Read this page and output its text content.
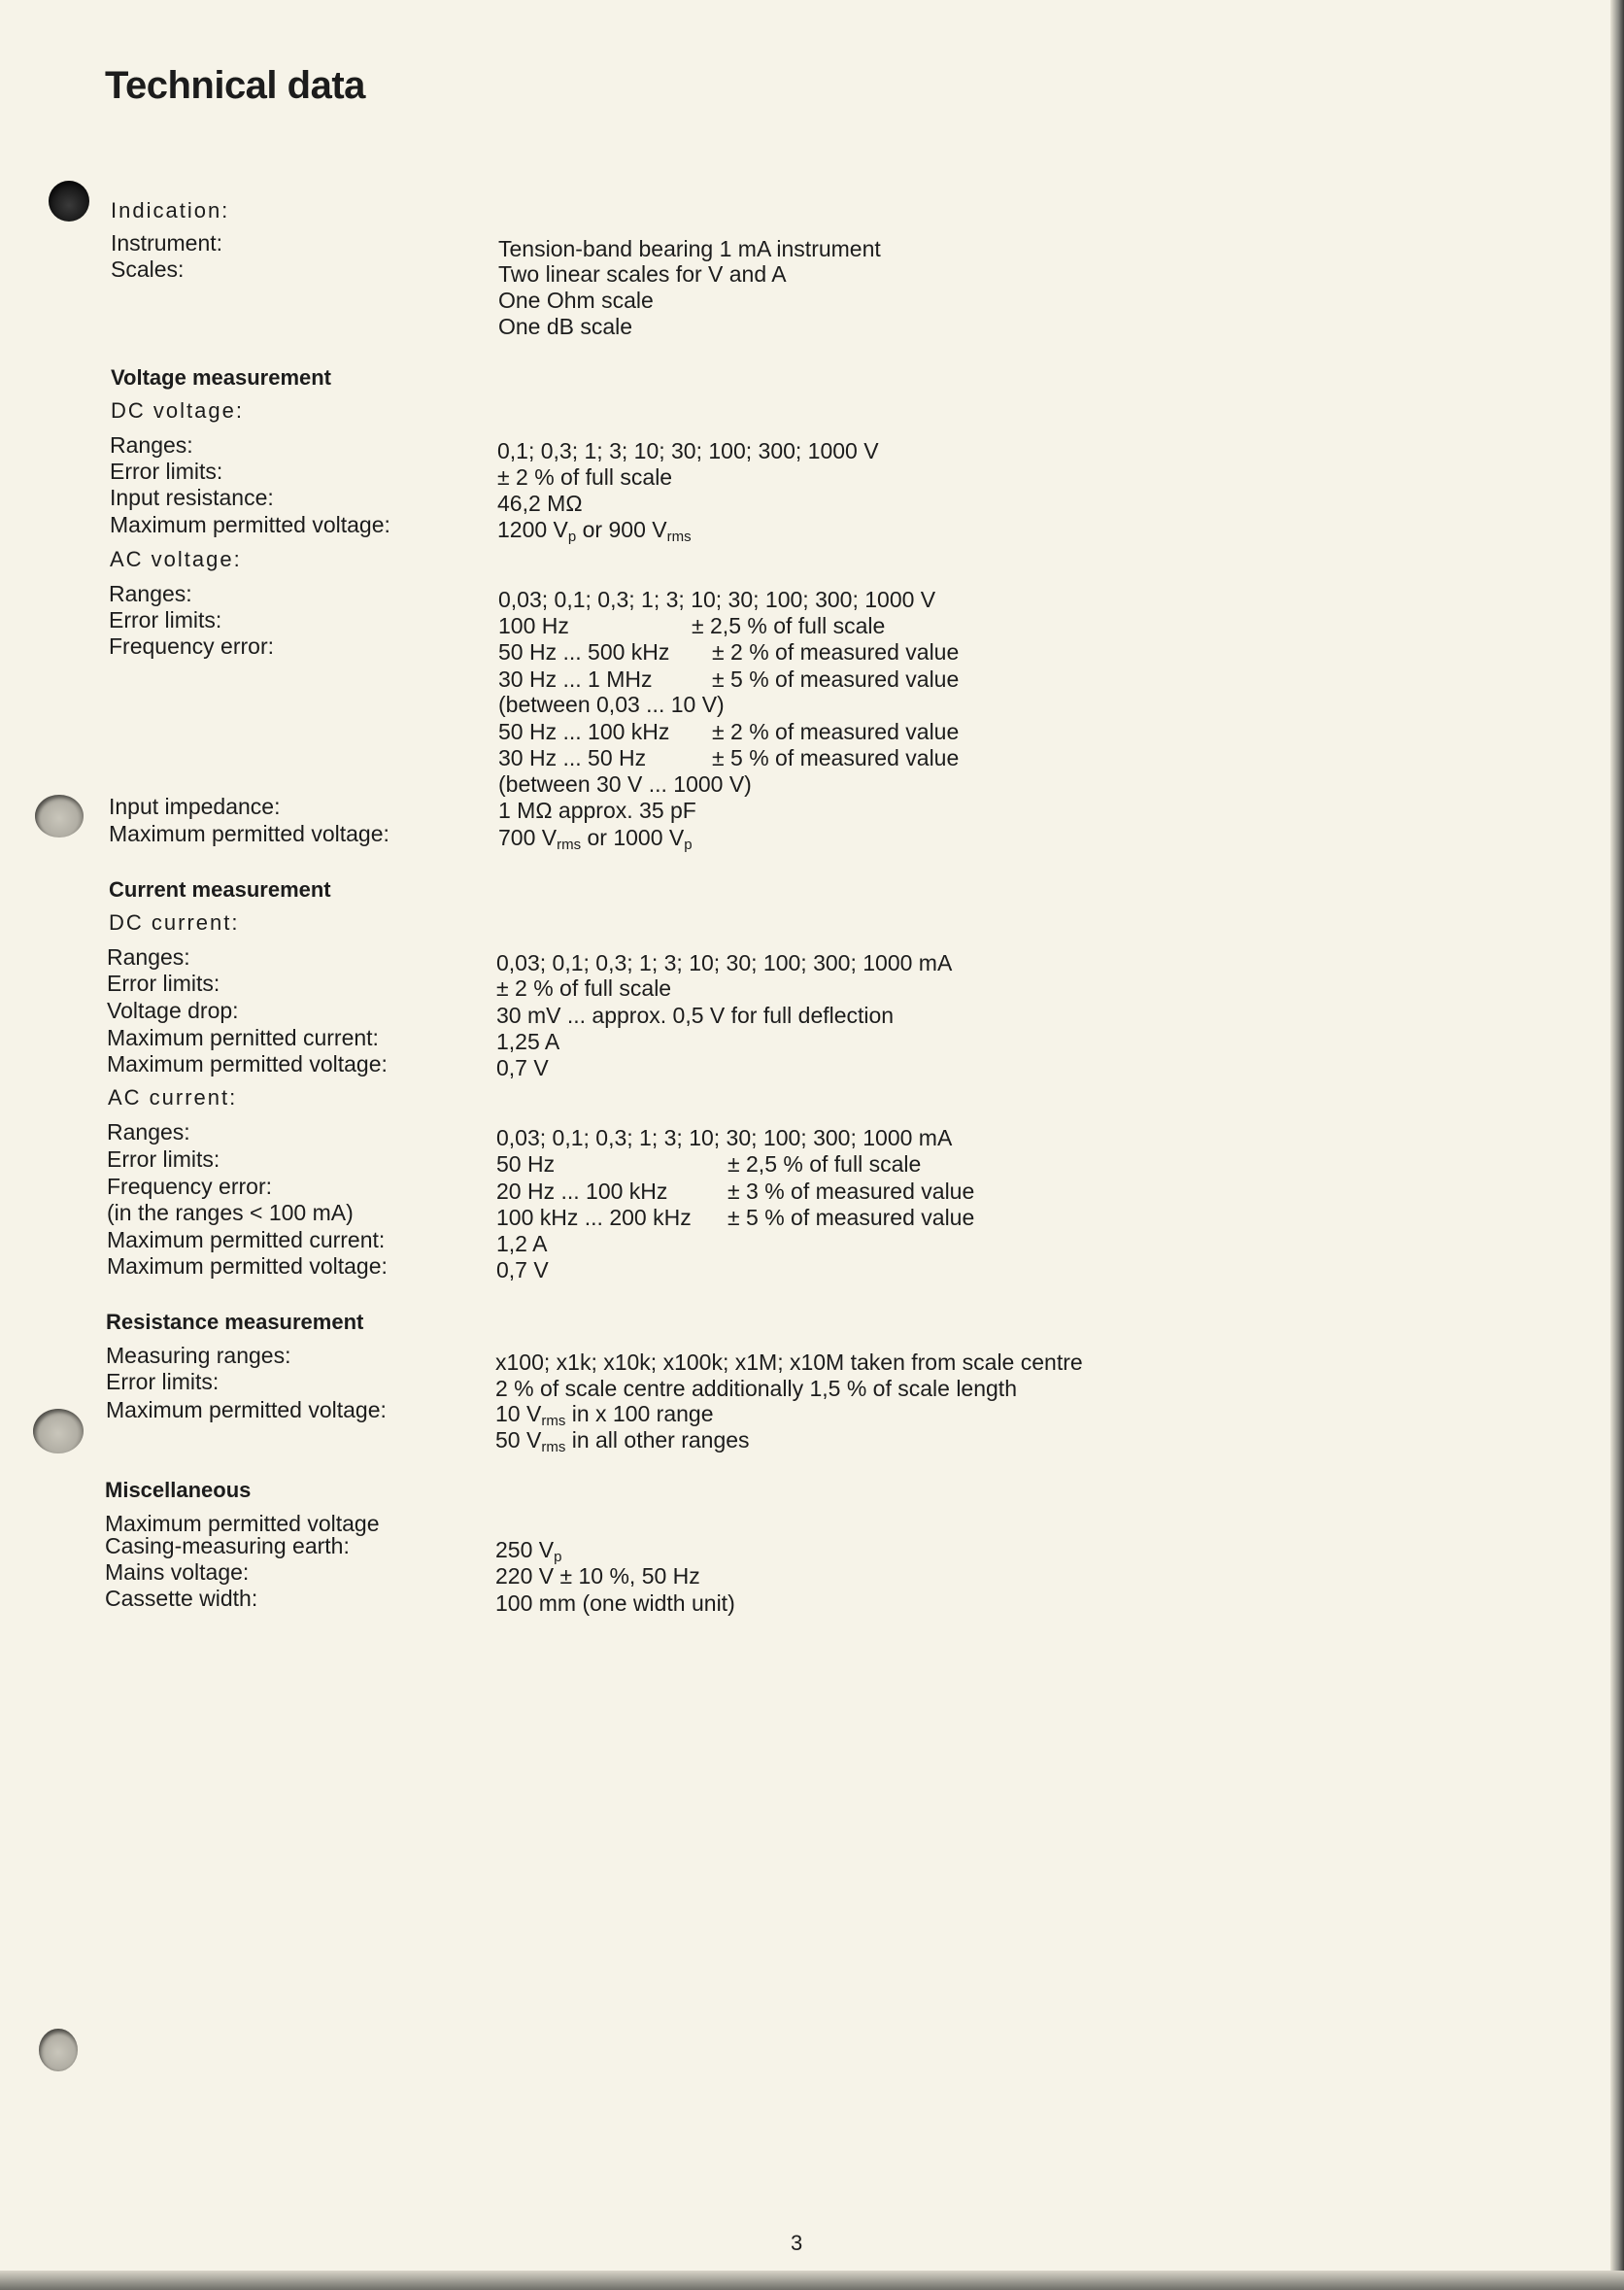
Technical data
Indication:
Instrument:	Tension-band bearing 1 mA instrument
Scales:	Two linear scales for V and A
One Ohm scale
One dB scale
Voltage measurement
DC voltage:
Ranges:	0,1; 0,3; 1; 3; 10; 30; 100; 300; 1000 V
Error limits:	± 2 % of full scale
Input resistance:	46,2 MΩ
Maximum permitted voltage:	1200 $V_p$ or 900 $V_{rms}$
AC voltage:
Ranges:	0,03; 0,1; 0,3; 1; 3; 10; 30; 100; 300; 1000 V
Error limits:	100 Hz	± 2,5 % of full scale
Frequency error:	50 Hz ... 500 kHz ± 2 % of measured value
30 Hz ... 1 MHz	± 5 % of measured value
(between 0,03 ... 10 V)
50 Hz ... 100 kHz ± 2 % of measured value
30 Hz ... 50 Hz	± 5 % of measured value
(between 30 V ... 1000 V)
Input impedance:	1 MΩ approx. 35 pF
Maximum permitted voltage:	700 $V_{rms}$ or 1000 $V_p$
Current measurement
DC current:
Ranges:	0,03; 0,1; 0,3; 1; 3; 10; 30; 100; 300; 1000 mA
Error limits:	± 2 % of full scale
Voltage drop:	30 mV ... approx. 0,5 V for full deflection
Maximum pernitted current:	1,25 A
Maximum permitted voltage:	0,7 V
AC current:
Ranges:	0,03; 0,1; 0,3; 1; 3; 10; 30; 100; 300; 1000 mA
Error limits:	50 Hz	± 2,5 % of full scale
Frequency error:
(in the ranges < 100 mA)
20 Hz ... 100 kHz	± 3 % of measured value
100 kHz ... 200 kHz ± 5 % of measured value
Maximum permitted current:	1,2 A
Maximum permitted voltage:	0,7 V
Resistance measurement
Measuring ranges:	x100; x1k; x10k; x100k; x1M; x10M taken from scale centre
Error limits:	2 % of scale centre additionally 1,5 % of scale length
Maximum permitted voltage:	10 $V_{rms}$ in x 100 range
50 $V_{rms}$ in all other ranges
Miscellaneous
Maximum permitted voltage
Casing-measuring earth:	250 $V_p$
Mains voltage:	220 V ± 10 %, 50 Hz
Cassette width:	100 mm (one width unit)
3
